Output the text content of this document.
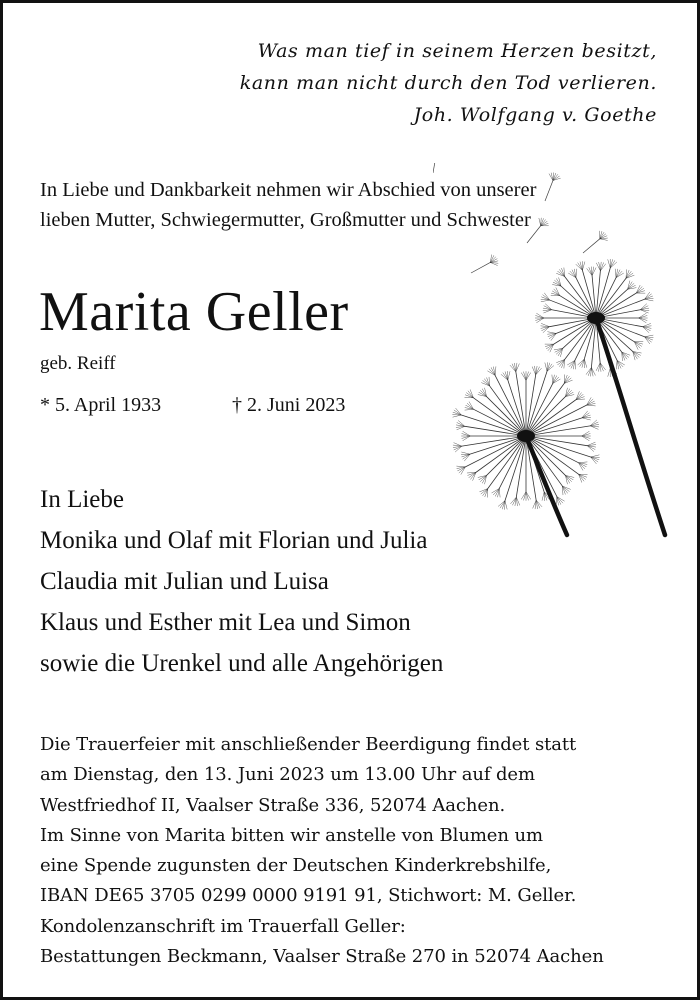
Was man tief in seinem Herzen besitzt,
kann man nicht durch den Tod verlieren.
Joh. Wolfgang v. Goethe
In Liebe und Dankbarkeit nehmen wir Abschied von unserer
lieben Mutter, Schwiegermutter, Großmutter und Schwester
Marita Geller
geb. Reiff
* 5. April 1933	† 2. Juni 2023
In Liebe
Monika und Olaf mit Florian und Julia
Claudia mit Julian und Luisa
Klaus und Esther mit Lea und Simon
sowie die Urenkel und alle Angehörigen
Die Trauerfeier mit anschließender Beerdigung findet statt
am Dienstag, den 13. Juni 2023 um 13.00 Uhr auf dem
Westfriedhof II, Vaalser Straße 336, 52074 Aachen.
Im Sinne von Marita bitten wir anstelle von Blumen um
eine Spende zugunsten der Deutschen Kinderkrebshilfe,
IBAN DE65 3705 0299 0000 9191 91, Stichwort: M. Geller.
Kondolenzanschrift im Trauerfall Geller:
Bestattungen Beckmann, Vaalser Straße 270 in 52074 Aachen
